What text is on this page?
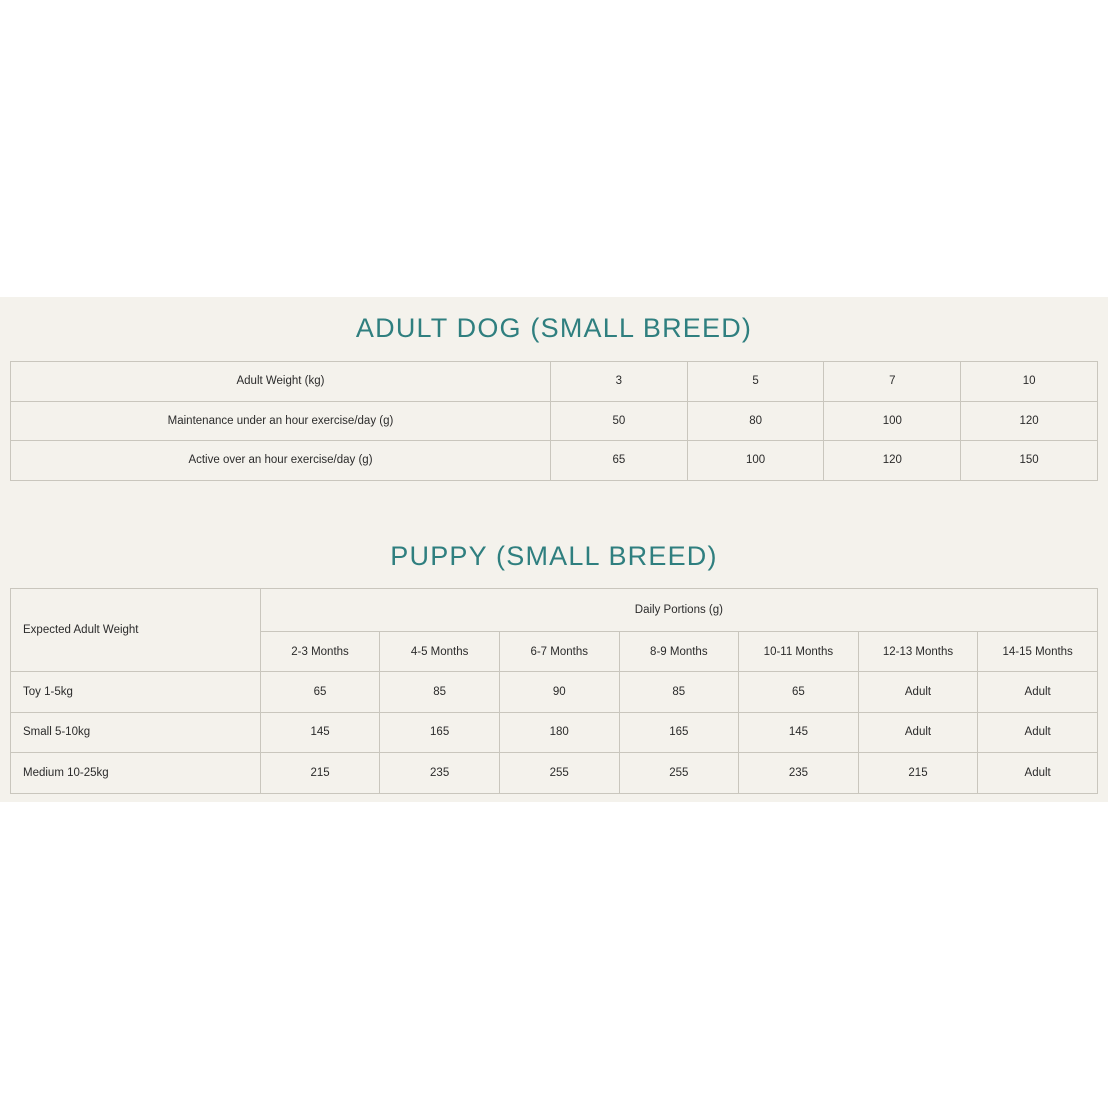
ADULT DOG (SMALL BREED)
Adult Weight (kg)	3	5	7	10
Maintenance under an hour exercise/day (g)	50	80	100	120
Active over an hour exercise/day (g)	65	100	120	150
PUPPY (SMALL BREED)
Expected Adult Weight	Daily Portions (g)						
	2-3 Months	4-5 Months	6-7 Months	8-9 Months	10-11 Months	12-13 Months	14-15 Months
Toy 1-5kg	65	85	90	85	65	Adult	Adult
Small 5-10kg	145	165	180	165	145	Adult	Adult
Medium 10-25kg	215	235	255	255	235	215	Adult
